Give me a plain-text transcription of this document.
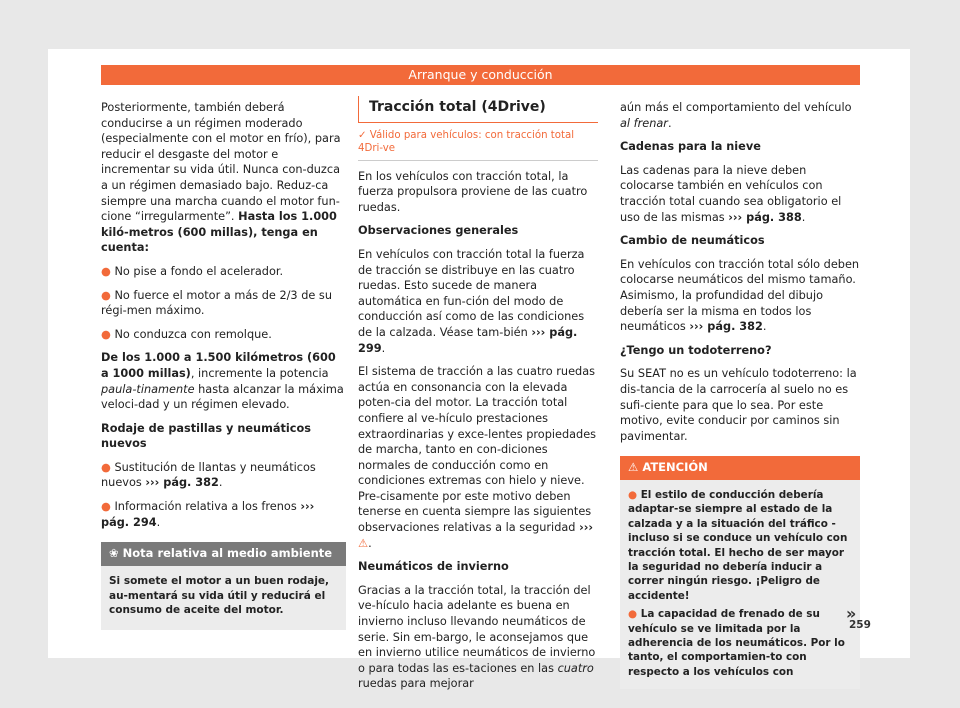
Arranque y conducción

Posteriormente, también deberá conducirse a un régimen moderado (especialmente con el motor en frío), para reducir el desgaste del motor e incrementar su vida útil. Nunca con-duzca a un régimen demasiado bajo. Reduz-ca siempre una marcha cuando el motor fun-cione “irregularmente”. Hasta los 1.000 kiló-metros (600 millas), tenga en cuenta:

● No pise a fondo el acelerador.

● No fuerce el motor a más de 2/3 de su régi-men máximo.

● No conduzca con remolque.

De los 1.000 a 1.500 kilómetros (600 a 1000 millas), incremente la potencia paula-tinamente hasta alcanzar la máxima veloci-dad y un régimen elevado.

Rodaje de pastillas y neumáticos nuevos

● Sustitución de llantas y neumáticos nuevos ››› pág. 382.

● Información relativa a los frenos ››› pág. 294.

❀ Nota relativa al medio ambiente
Si somete el motor a un buen rodaje, au-mentará su vida útil y reducirá el consumo de aceite del motor.
Tracción total (4Drive)
✓ Válido para vehículos: con tracción total 4Dri-ve

En los vehículos con tracción total, la fuerza propulsora proviene de las cuatro ruedas.

Observaciones generales

En vehículos con tracción total la fuerza de tracción se distribuye en las cuatro ruedas. Esto sucede de manera automática en fun-ción del modo de conducción así como de las condiciones de la calzada. Véase tam-bién ››› pág. 299.

El sistema de tracción a las cuatro ruedas actúa en consonancia con la elevada poten-cia del motor. La tracción total confiere al ve-hículo prestaciones extraordinarias y exce-lentes propiedades de marcha, tanto en con-diciones normales de conducción como en condiciones extremas con hielo y nieve. Pre-cisamente por este motivo deben tenerse en cuenta siempre las siguientes observaciones relativas a la seguridad ››› ⚠.

Neumáticos de invierno

Gracias a la tracción total, la tracción del ve-hículo hacia adelante es buena en invierno incluso llevando neumáticos de serie. Sin em-bargo, le aconsejamos que en invierno utilice neumáticos de invierno o para todas las es-taciones en las cuatro ruedas para mejorar

aún más el comportamiento del vehículo al frenar.

Cadenas para la nieve

Las cadenas para la nieve deben colocarse también en vehículos con tracción total cuando sea obligatorio el uso de las mismas ››› pág. 388.

Cambio de neumáticos

En vehículos con tracción total sólo deben colocarse neumáticos del mismo tamaño. Asimismo, la profundidad del dibujo debería ser la misma en todos los neumáticos ››› pág. 382.

¿Tengo un todoterreno?

Su SEAT no es un vehículo todoterreno: la dis-tancia de la carrocería al suelo no es sufi-ciente para que lo sea. Por este motivo, evite conducir por caminos sin pavimentar.

⚠ ATENCIÓN

● El estilo de conducción debería adaptar-se siempre al estado de la calzada y a la situación del tráfico - incluso si se conduce un vehículo con tracción total. El hecho de ser mayor la seguridad no debería inducir a correr ningún riesgo. ¡Peligro de accidente!

● La capacidad de frenado de su vehículo se ve limitada por la adherencia de los neumáticos. Por lo tanto, el comportamien-to con respecto a los vehículos con

»
259
